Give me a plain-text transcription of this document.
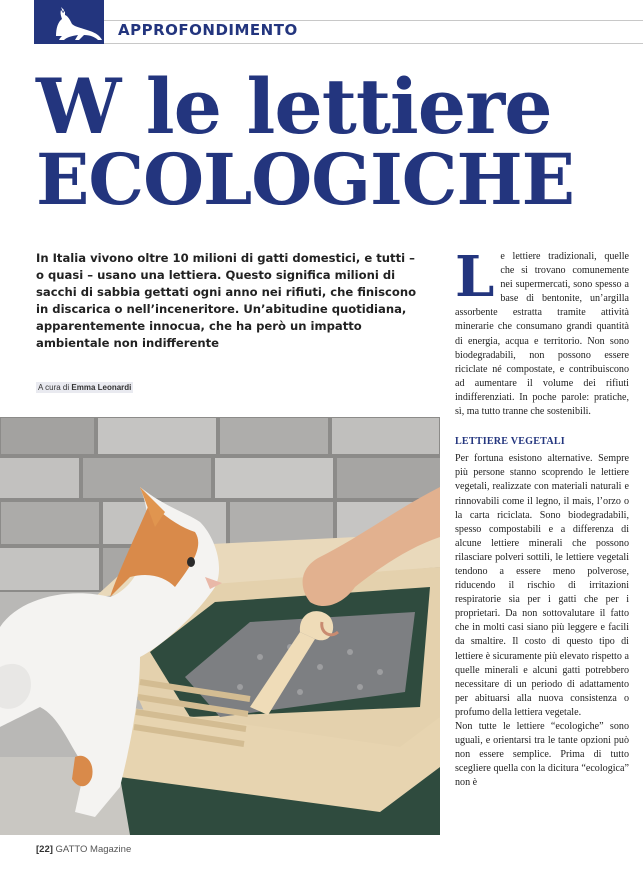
APPROFONDIMENTO
W le lettiere
ECOLOGICHE

In Italia vivono oltre 10 milioni di gatti domestici, e tutti – o quasi – usano una lettiera. Questo significa milioni di sacchi di sabbia gettati ogni anno nei rifiuti, che finiscono in discarica o nell’inceneritore. Un’abitudine quotidiana, apparentemente innocua, che ha però un impatto ambientale non indifferente

A cura di Emma Leonardi

Le lettiere tradizionali, quelle che si trovano comunemente nei supermercati, sono spesso a base di bentonite, un’argilla assorbente estratta tramite attività minerarie che consumano grandi quantità di energia, acqua e territorio. Non sono biodegradabili, non possono essere riciclate né compostate, e contribuiscono ad aumentare il volume dei rifiuti indifferenziati. In poche parole: pratiche, sì, ma tutto tranne che sostenibili.

LETTIERE VEGETALI

Per fortuna esistono alternative. Sempre più persone stanno scoprendo le lettiere vegetali, realizzate con materiali naturali e rinnovabili come il legno, il mais, l’orzo o la carta riciclata. Sono biodegradabili, spesso compostabili e a differenza di alcune lettiere minerali che possono rilasciare polveri sottili, le lettiere vegetali tendono a essere meno polverose, riducendo il rischio di irritazioni respiratorie sia per i gatti che per i proprietari. Da non sottovalutare il fatto che in molti casi siano più leggere e facili da smaltire. Il costo di questo tipo di lettiere è sicuramente più elevato rispetto a quelle minerali e alcuni gatti potrebbero necessitare di un periodo di adattamento per abituarsi alla nuova consistenza o profumo della lettiera vegetale.

Non tutte le lettiere “ecologiche” sono uguali, e orientarsi tra le tante opzioni può non essere semplice. Prima di tutto scegliere quella con la dicitura “ecologica” non è

[22] GATTO Magazine
